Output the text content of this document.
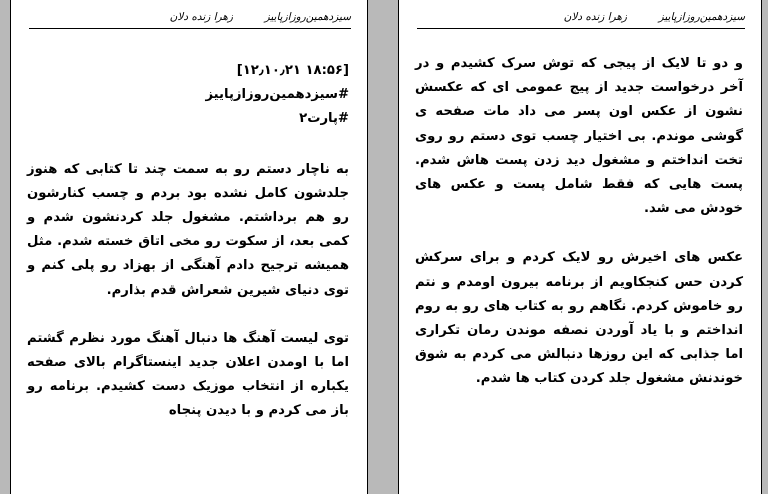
سیزدهمین‌روزازپاییز
زهرا زنده دلان

[۱۲٫۱۰٫۲۱ ۱۸:۵۶]

#سیزدهمین‌روزازپاییز

#پارت۲

به ناچار دستم رو به سمت چند تا کتابی که هنوز جلدشون کامل نشده بود بردم و چسب کنارشون رو هم برداشتم. مشغول جلد کردنشون شدم و کمی بعد، از سکوت رو مخی اتاق خسته شدم. مثل همیشه ترجیح دادم آهنگی از بهزاد رو پلی کنم و توی دنیای شیرین شعراش قدم بذارم.

توی لیست آهنگ ها دنبال آهنگ مورد نظرم گشتم اما با اومدن اعلان جدید اینستاگرام بالای صفحه یکباره از انتخاب موزیک دست کشیدم. برنامه رو باز می کردم و با دیدن پنجاه

سیزدهمین‌روزازپاییز
زهرا زنده دلان

و دو تا لایک از پیجی که توش سرک کشیدم و در آخر درخواست جدید از پیج عمومی ای که عکسش نشون از عکس اون پسر می داد مات صفحه ی گوشی موندم. بی اختیار چسب توی دستم رو روی تخت انداختم و مشغول دید زدن پست هاش شدم. پست هایی که فقط شامل پست و عکس های خودش می شد.

عکس های اخیرش رو لایک کردم و برای سرکش کردن حس کنجکاویم از برنامه بیرون اومدم و نتم رو خاموش کردم. نگاهم رو به کتاب های رو به روم انداختم و با یاد آوردن نصفه موندن رمان تکراری اما جذابی که این روزها دنبالش می کردم به شوق خوندنش مشغول جلد کردن کتاب ها شدم.
